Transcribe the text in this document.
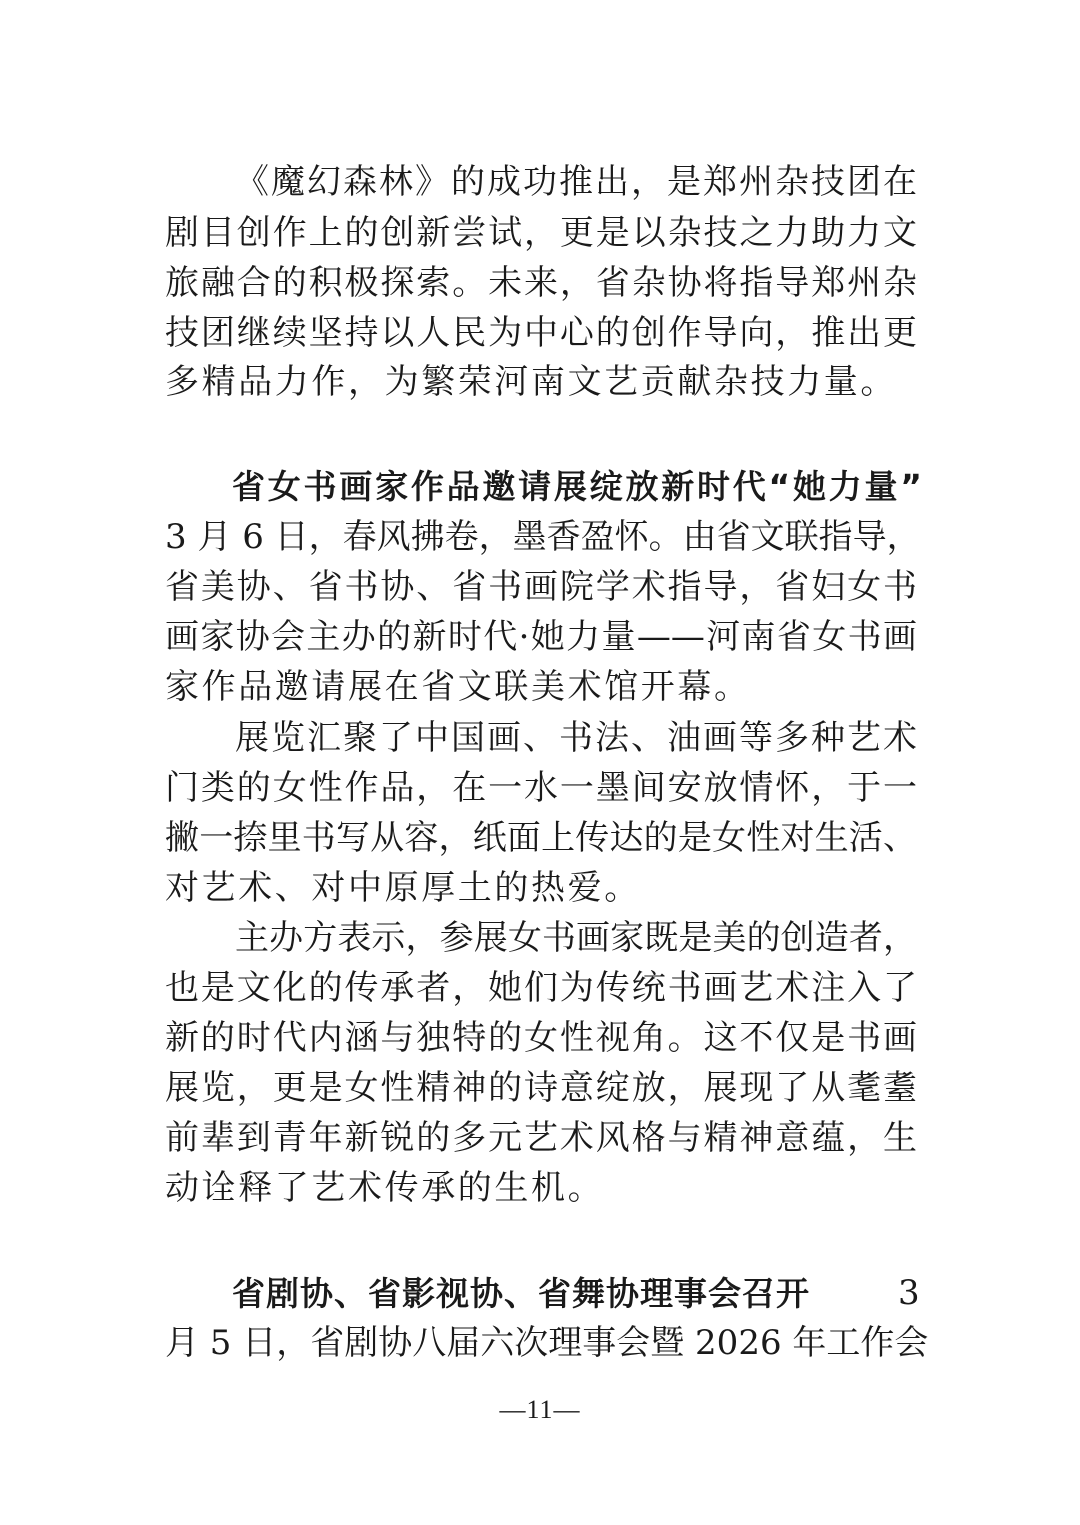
《魔幻森林》的成功推出，是郑州杂技团在
剧目创作上的创新尝试，更是以杂技之力助力文
旅融合的积极探索。未来，省杂协将指导郑州杂
技团继续坚持以人民为中心的创作导向，推出更
多精品力作，为繁荣河南文艺贡献杂技力量。
省女书画家作品邀请展绽放新时代“她力量”
3 月 6 日，春风拂卷，墨香盈怀。由省文联指导，
省美协、省书协、省书画院学术指导，省妇女书
画家协会主办的新时代·她力量——河南省女书画
家作品邀请展在省文联美术馆开幕。
展览汇聚了中国画、书法、油画等多种艺术
门类的女性作品，在一水一墨间安放情怀，于一
撇一捺里书写从容，纸面上传达的是女性对生活、
对艺术、对中原厚土的热爱。
主办方表示，参展女书画家既是美的创造者，
也是文化的传承者，她们为传统书画艺术注入了
新的时代内涵与独特的女性视角。这不仅是书画
展览，更是女性精神的诗意绽放，展现了从耄耋
前辈到青年新锐的多元艺术风格与精神意蕴，生
动诠释了艺术传承的生机。
省剧协、省影视协、省舞协理事会召开	3
月 5 日，省剧协八届六次理事会暨 2026 年工作会
—11—
